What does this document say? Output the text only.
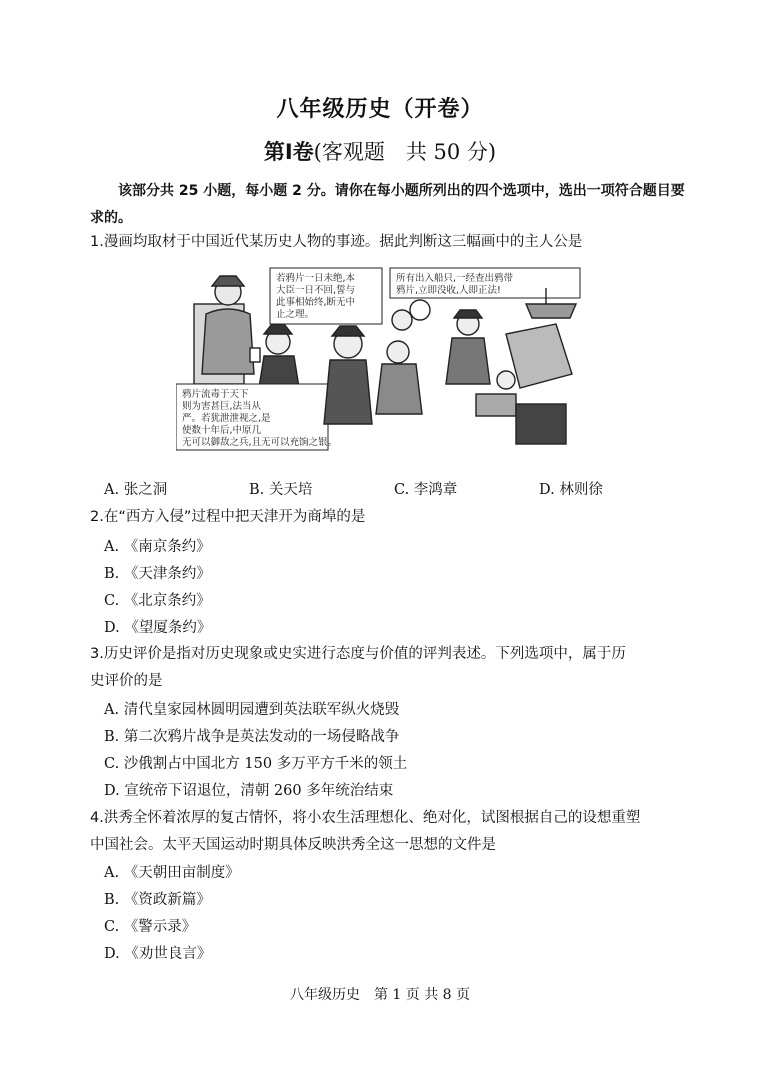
八年级历史（开卷）
第Ⅰ卷(客观题　共 50 分)
该部分共 25 小题，每小题 2 分。请你在每小题所列出的四个选项中，选出一项符合题目要求的。
1.漫画均取材于中国近代某历史人物的事迹。据此判断这三幅画中的主人公是
鸦片流毒于天下
则为害甚巨,法当从
严。若犹泄泄视之,是
使数十年后,中原几
无可以御敌之兵,且无可以充饷之银。
若鸦片一日未绝,本
大臣一日不回,誓与
此事相始终,断无中
止之理。
所有出入船只,一经查出鸦带
鸦片,立即没收,人即正法!
A. 张之洞	B. 关天培	C. 李鸿章	D. 林则徐
2.在“西方入侵”过程中把天津开为商埠的是
A. 《南京条约》
B. 《天津条约》
C. 《北京条约》
D. 《望厦条约》
3.历史评价是指对历史现象或史实进行态度与价值的评判表述。下列选项中，属于历
史评价的是
A. 清代皇家园林圆明园遭到英法联军纵火烧毁
B. 第二次鸦片战争是英法发动的一场侵略战争
C. 沙俄割占中国北方 150 多万平方千米的领土
D. 宣统帝下诏退位，清朝 260 多年统治结束
4.洪秀全怀着浓厚的复古情怀，将小农生活理想化、绝对化，试图根据自己的设想重塑
中国社会。太平天国运动时期具体反映洪秀全这一思想的文件是
A. 《天朝田亩制度》
B. 《资政新篇》
C. 《警示录》
D. 《劝世良言》
八年级历史　第 1 页 共 8 页
